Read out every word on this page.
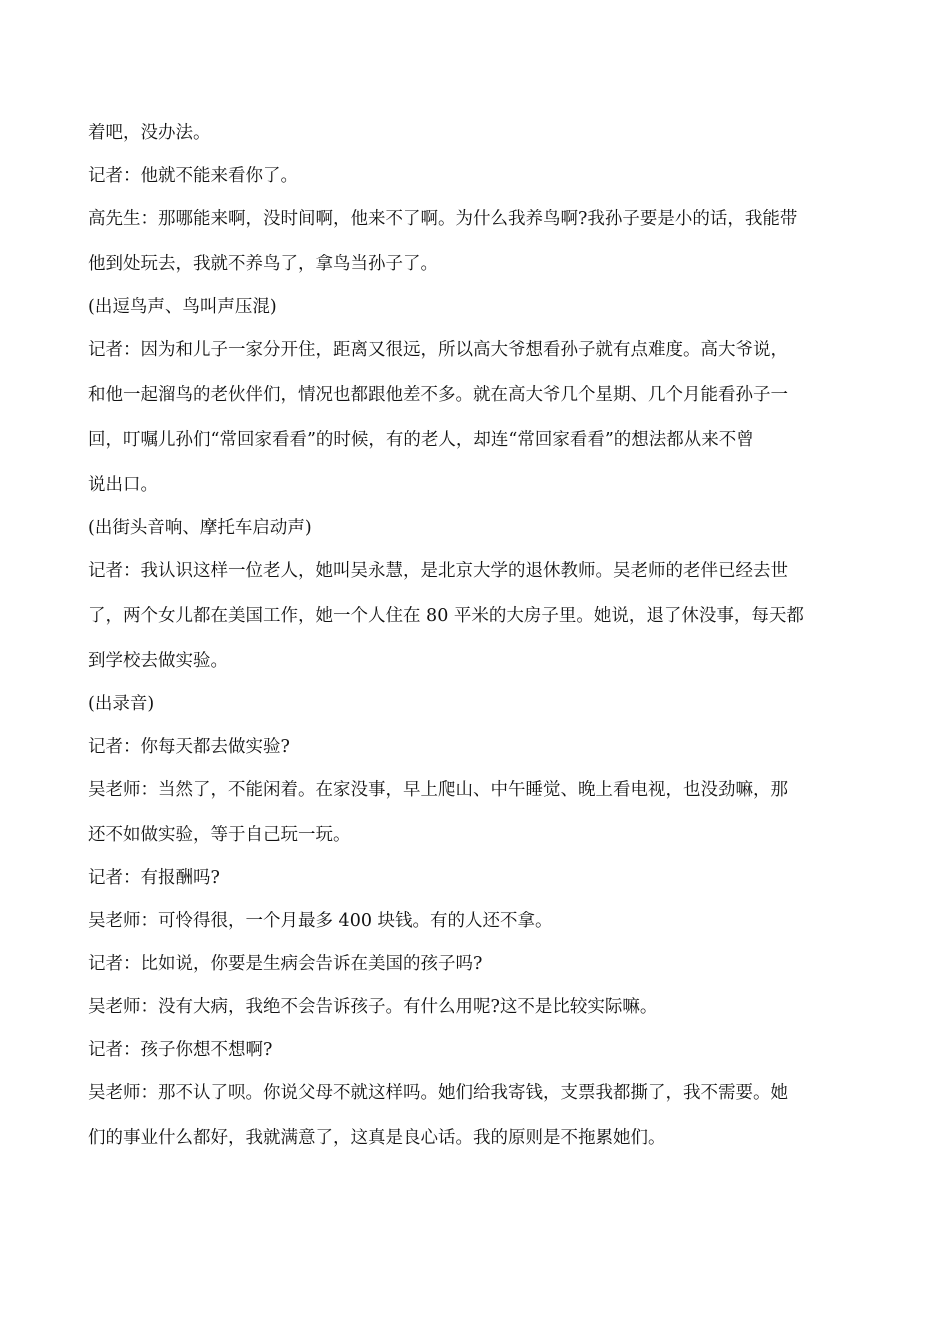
着吧，没办法。

记者：他就不能来看你了。

高先生：那哪能来啊，没时间啊，他来不了啊。为什么我养鸟啊?我孙子要是小的话，我能带

他到处玩去，我就不养鸟了，拿鸟当孙子了。

(出逗鸟声、鸟叫声压混)

记者：因为和儿子一家分开住，距离又很远，所以高大爷想看孙子就有点难度。高大爷说，

和他一起溜鸟的老伙伴们，情况也都跟他差不多。就在高大爷几个星期、几个月能看孙子一

回，叮嘱儿孙们“常回家看看”的时候，有的老人，却连“常回家看看”的想法都从来不曾

说出口。

(出街头音响、摩托车启动声)

记者：我认识这样一位老人，她叫吴永慧，是北京大学的退休教师。吴老师的老伴已经去世

了，两个女儿都在美国工作，她一个人住在 80 平米的大房子里。她说，退了休没事，每天都

到学校去做实验。

(出录音)

记者：你每天都去做实验?

吴老师：当然了，不能闲着。在家没事，早上爬山、中午睡觉、晚上看电视，也没劲嘛，那

还不如做实验，等于自己玩一玩。

记者：有报酬吗?

吴老师：可怜得很，一个月最多 400 块钱。有的人还不拿。

记者：比如说，你要是生病会告诉在美国的孩子吗?

吴老师：没有大病，我绝不会告诉孩子。有什么用呢?这不是比较实际嘛。

记者：孩子你想不想啊?

吴老师：那不认了呗。你说父母不就这样吗。她们给我寄钱，支票我都撕了，我不需要。她

们的事业什么都好，我就满意了，这真是良心话。我的原则是不拖累她们。
